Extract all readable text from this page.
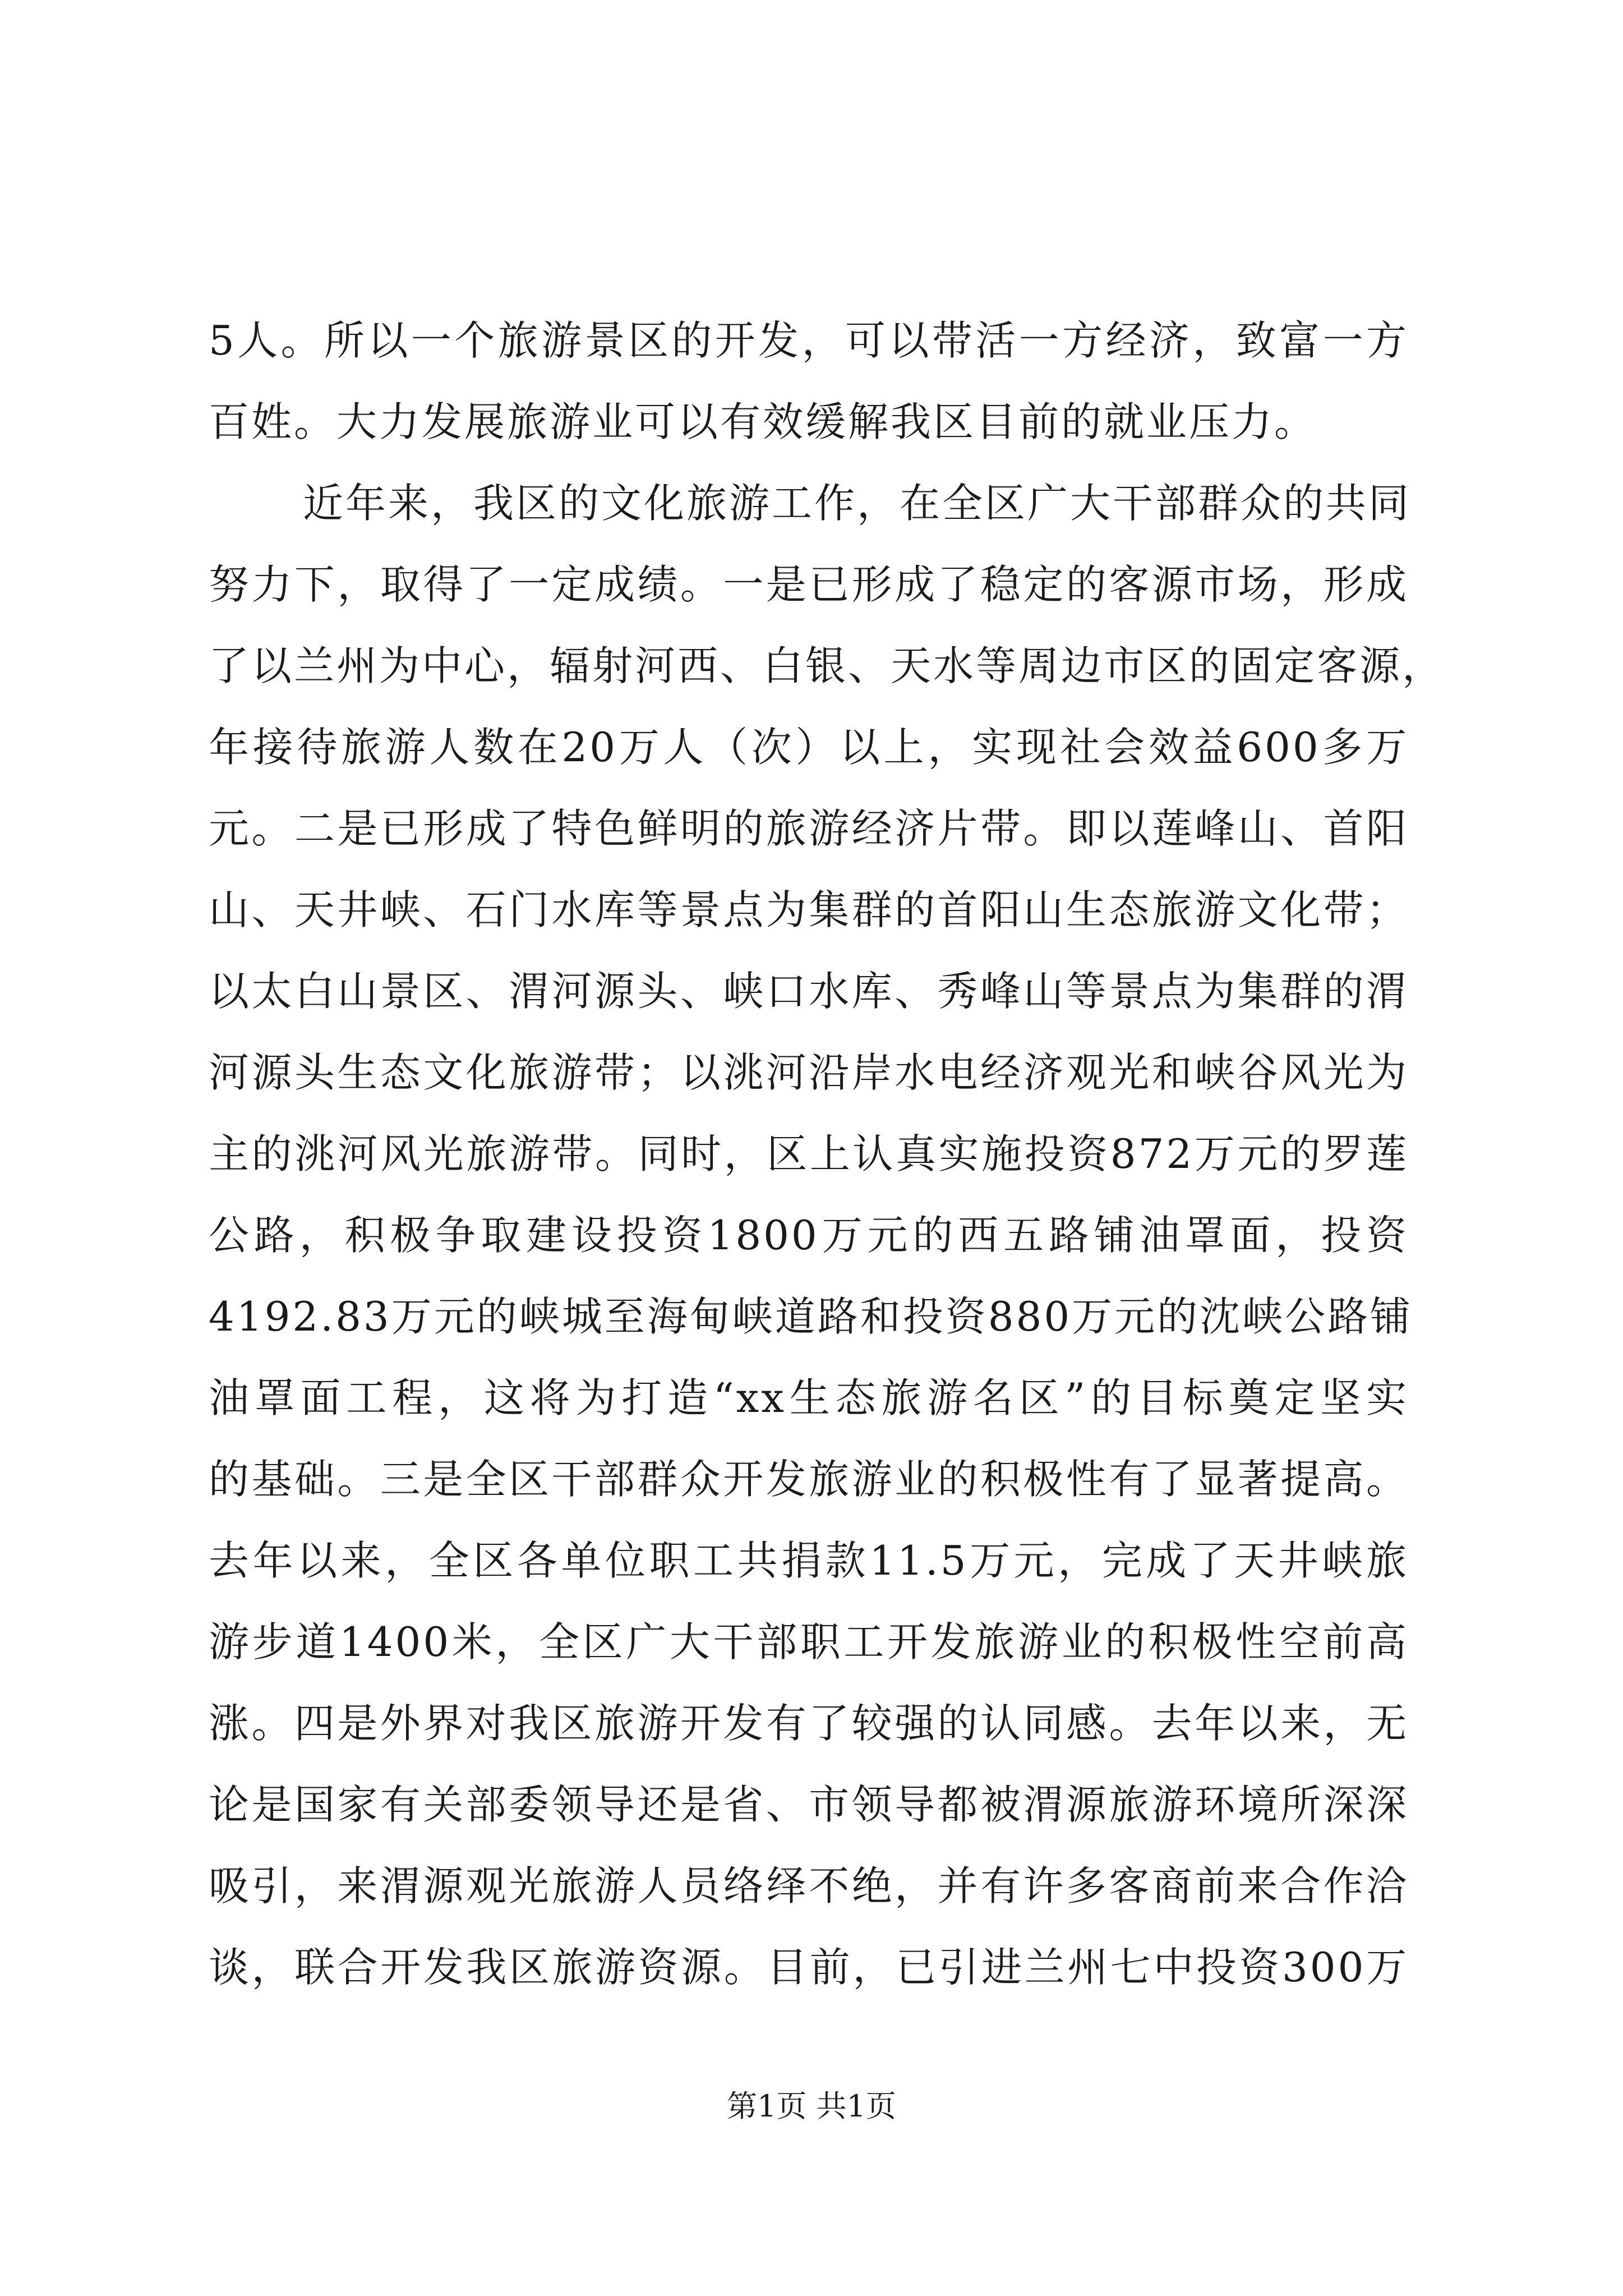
5人。所以一个旅游景区的开发，可以带活一方经济，致富一方
百姓。大力发展旅游业可以有效缓解我区目前的就业压力。
近年来，我区的文化旅游工作，在全区广大干部群众的共同
努力下，取得了一定成绩。一是已形成了稳定的客源市场，形成
了以兰州为中心，辐射河西、白银、天水等周边市区的固定客源，
年接待旅游人数在20万人（次）以上，实现社会效益600多万
元。二是已形成了特色鲜明的旅游经济片带。即以莲峰山、首阳
山、天井峡、石门水库等景点为集群的首阳山生态旅游文化带；
以太白山景区、渭河源头、峡口水库、秀峰山等景点为集群的渭
河源头生态文化旅游带；以洮河沿岸水电经济观光和峡谷风光为
主的洮河风光旅游带。同时，区上认真实施投资872万元的罗莲
公路，积极争取建设投资1800万元的西五路铺油罩面，投资
4192.83万元的峡城至海甸峡道路和投资880万元的沈峡公路铺
油罩面工程，这将为打造“xx生态旅游名区”的目标奠定坚实
的基础。三是全区干部群众开发旅游业的积极性有了显著提高。
去年以来，全区各单位职工共捐款11.5万元，完成了天井峡旅
游步道1400米，全区广大干部职工开发旅游业的积极性空前高
涨。四是外界对我区旅游开发有了较强的认同感。去年以来，无
论是国家有关部委领导还是省、市领导都被渭源旅游环境所深深
吸引，来渭源观光旅游人员络绎不绝，并有许多客商前来合作洽
谈，联合开发我区旅游资源。目前，已引进兰州七中投资300万
第1页 共1页
